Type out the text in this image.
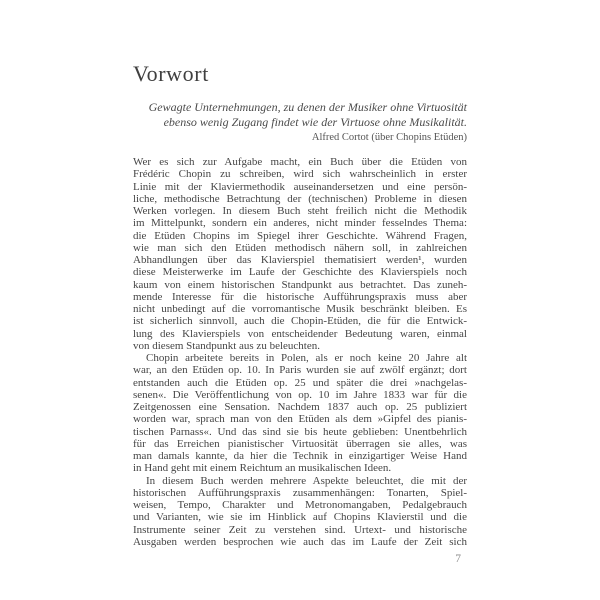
Vorwort
Gewagte Unternehmungen, zu denen der Musiker ohne Virtuosität
ebenso wenig Zugang findet wie der Virtuose ohne Musikalität.
Alfred Cortot (über Chopins Etüden)
Wer es sich zur Aufgabe macht, ein Buch über die Etüden von
Frédéric Chopin zu schreiben, wird sich wahrscheinlich in erster
Linie mit der Klaviermethodik auseinandersetzen und eine persön-
liche, methodische Betrachtung der (technischen) Probleme in diesen
Werken vorlegen. In diesem Buch steht freilich nicht die Methodik
im Mittelpunkt, sondern ein anderes, nicht minder fesselndes Thema:
die Etüden Chopins im Spiegel ihrer Geschichte. Während Fragen,
wie man sich den Etüden methodisch nähern soll, in zahlreichen
Abhandlungen über das Klavierspiel thematisiert werden¹, wurden
diese Meisterwerke im Laufe der Geschichte des Klavierspiels noch
kaum von einem historischen Standpunkt aus betrachtet. Das zuneh-
mende Interesse für die historische Aufführungspraxis muss aber
nicht unbedingt auf die vorromantische Musik beschränkt bleiben. Es
ist sicherlich sinnvoll, auch die Chopin-Etüden, die für die Entwick-
lung des Klavierspiels von entscheidender Bedeutung waren, einmal
von diesem Standpunkt aus zu beleuchten.
Chopin arbeitete bereits in Polen, als er noch keine 20 Jahre alt
war, an den Etüden op. 10. In Paris wurden sie auf zwölf ergänzt; dort
entstanden auch die Etüden op. 25 und später die drei »nachgelas-
senen«. Die Veröffentlichung von op. 10 im Jahre 1833 war für die
Zeitgenossen eine Sensation. Nachdem 1837 auch op. 25 publiziert
worden war, sprach man von den Etüden als dem »Gipfel des pianis-
tischen Parnass«. Und das sind sie bis heute geblieben: Unentbehrlich
für das Erreichen pianistischer Virtuosität überragen sie alles, was
man damals kannte, da hier die Technik in einzigartiger Weise Hand
in Hand geht mit einem Reichtum an musikalischen Ideen.
In diesem Buch werden mehrere Aspekte beleuchtet, die mit der
historischen Aufführungspraxis zusammenhängen: Tonarten, Spiel-
weisen, Tempo, Charakter und Metronomangaben, Pedalgebrauch
und Varianten, wie sie im Hinblick auf Chopins Klavierstil und die
Instrumente seiner Zeit zu verstehen sind. Urtext- und historische
Ausgaben werden besprochen wie auch das im Laufe der Zeit sich
7
